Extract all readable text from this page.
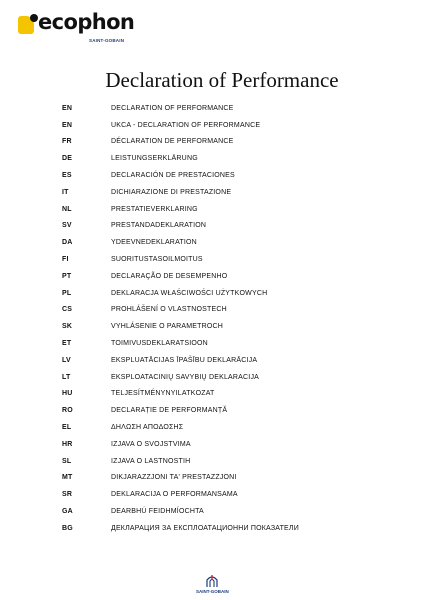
ecophon
SAINT-GOBAIN
Declaration of Performance
EN	DECLARATION OF PERFORMANCE
EN	UKCA - DECLARATION OF PERFORMANCE
FR	DÉCLARATION DE PERFORMANCE
DE	LEISTUNGSERKLÄRUNG
ES	DECLARACIÓN DE PRESTACIONES
IT	DICHIARAZIONE DI PRESTAZIONE
NL	PRESTATIEVERKLARING
SV	PRESTANDADEKLARATION
DA	YDEEVNEDEKLARATION
FI	SUORITUSTASOILMOITUS
PT	DECLARAÇÃO DE DESEMPENHO
PL	DEKLARACJA WŁAŚCIWOŚCI UŻYTKOWYCH
CS	PROHLÁŠENÍ O VLASTNOSTECH
SK	VYHLÁSENIE O PARAMETROCH
ET	TOIMIVUSDEKLARATSIOON
LV	EKSPLUATĀCIJAS ĪPAŠĪBU DEKLARĀCIJA
LT	EKSPLOATACINIŲ SAVYBIŲ DEKLARACIJA
HU	TELJESÍTMÉNYNYILATKOZAT
RO	DECLARAȚIE DE PERFORMANȚĂ
EL	ΔΗΛΩΣΗ ΑΠΟΔΟΣΗΣ
HR	IZJAVA O SVOJSTVIMA
SL	IZJAVA O LASTNOSTIH
MT	DIKJARAZZJONI TA' PRESTAZZJONI
SR	DEKLARACIJA O PERFORMANSAMA
GA	DEARBHÚ FEIDHMÍOCHTA
BG	ДЕКЛАРАЦИЯ ЗА ЕКСПЛОАТАЦИОННИ ПОКАЗАТЕЛИ
SAINT-GOBAIN
